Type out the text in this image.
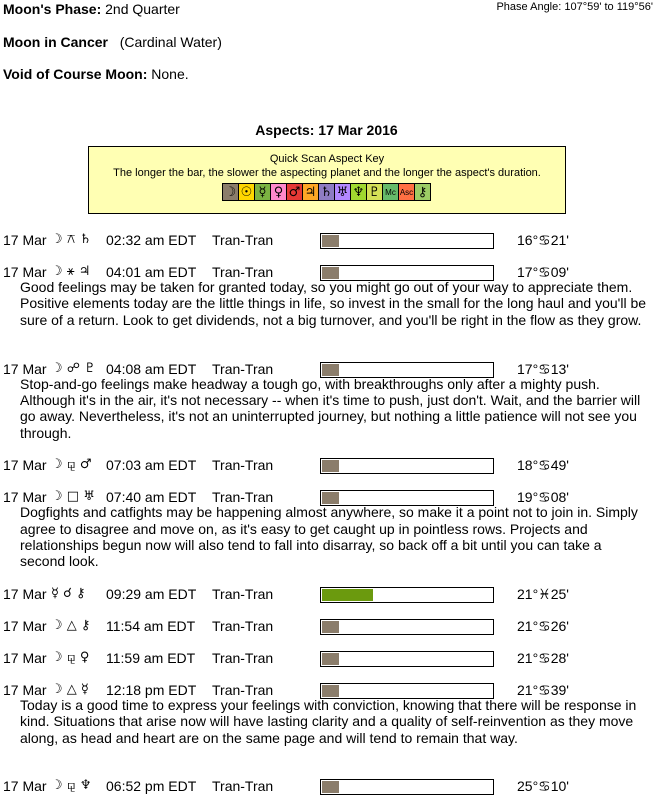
Moon's Phase: 2nd Quarter	Phase Angle: 107°59' to 119°56'
Moon in Cancer (Cardinal Water)
Void of Course Moon: None.
Aspects: 17 Mar 2016
Quick Scan Aspect Key
The longer the bar, the slower the aspecting planet and the longer the aspect's duration.
☽ ☉ ☿ ♀ ♂ ♃ ♄ ♅ ♆ ♇ Mc Asc ⚷
17 Mar ☽ ⚻ ♄ 02:32 am EDT Tran-Tran	16°♋21'
17 Mar ☽ ⚹ ♃ 04:01 am EDT Tran-Tran	17°♋09'
Good feelings may be taken for granted today, so you might go out of your way to appreciate them. Positive elements today are the little things in life, so invest in the small for the long haul and you'll be sure of a return. Look to get dividends, not a big turnover, and you'll be right in the flow as they grow.
17 Mar ☽ ☍ ♇ 04:08 am EDT Tran-Tran	17°♋13'
Stop-and-go feelings make headway a tough go, with breakthroughs only after a mighty push. Although it's in the air, it's not necessary -- when it's time to push, just don't. Wait, and the barrier will go away. Nevertheless, it's not an uninterrupted journey, but nothing a little patience will not see you through.
17 Mar ☽ ⚼ ♂ 07:03 am EDT Tran-Tran	18°♋49'
17 Mar ☽ □ ♅ 07:40 am EDT Tran-Tran	19°♋08'
Dogfights and catfights may be happening almost anywhere, so make it a point not to join in. Simply agree to disagree and move on, as it's easy to get caught up in pointless rows. Projects and relationships begun now will also tend to fall into disarray, so back off a bit until you can take a second look.
17 Mar ☿ ☌ ⚷ 09:29 am EDT Tran-Tran	21°♓25'
17 Mar ☽ △ ⚷ 11:54 am EDT Tran-Tran	21°♋26'
17 Mar ☽ ⚼ ♀ 11:59 am EDT Tran-Tran	21°♋28'
17 Mar ☽ △ ☿ 12:18 pm EDT Tran-Tran	21°♋39'
Today is a good time to express your feelings with conviction, knowing that there will be response in kind. Situations that arise now will have lasting clarity and a quality of self-reinvention as they move along, as head and heart are on the same page and will tend to remain that way.
17 Mar ☽ ⚼ ♆ 06:52 pm EDT Tran-Tran	25°♋10'
